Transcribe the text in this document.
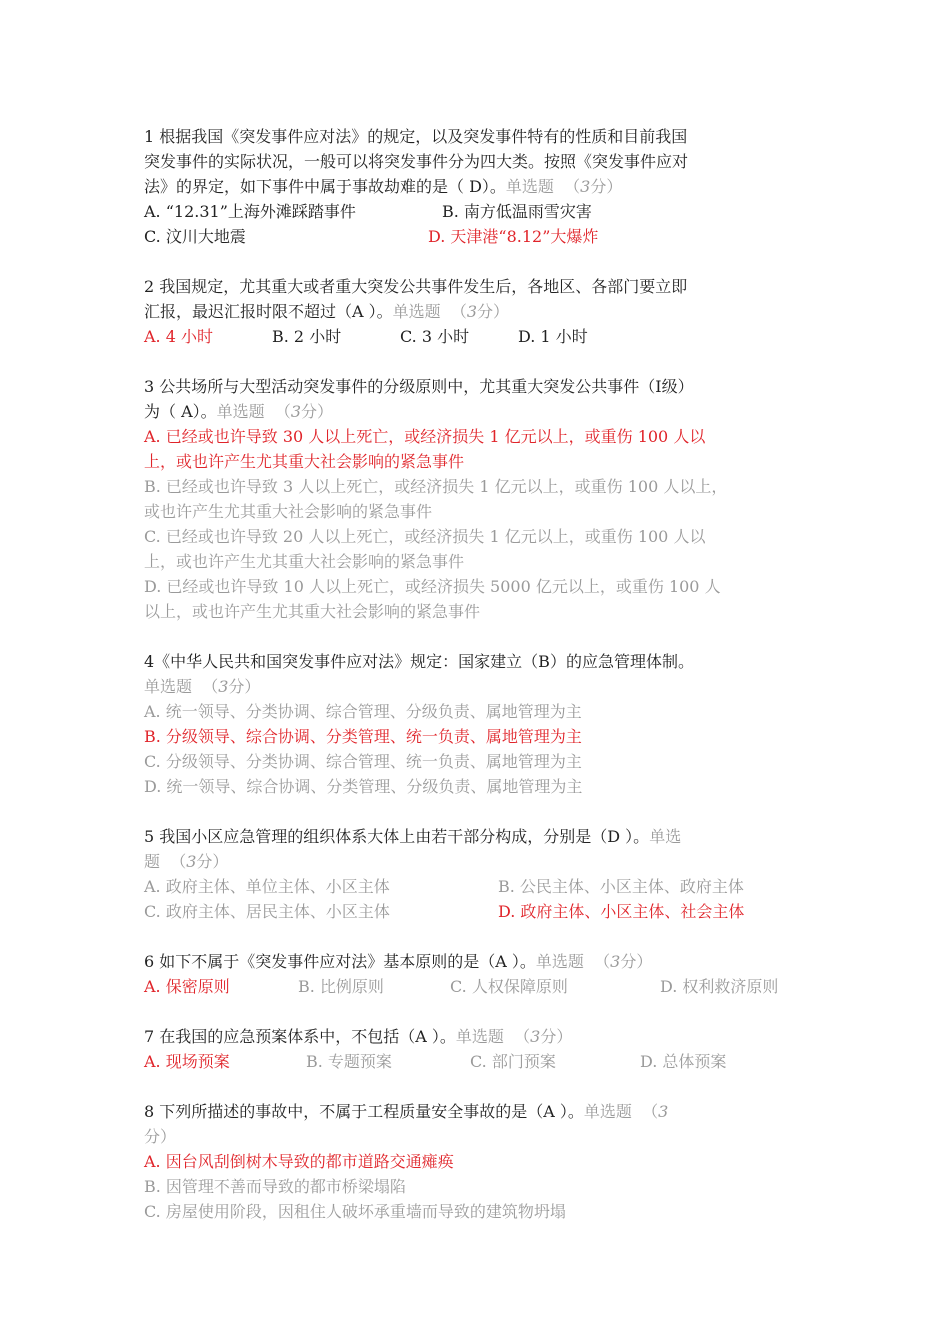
1 根据我国《突发事件应对法》的规定，以及突发事件特有的性质和目前我国
突发事件的实际状况，一般可以将突发事件分为四大类。按照《突发事件应对
法》的界定，如下事件中属于事故劫难的是（ D）。单选题 （3分）
A. “12.31”上海外滩踩踏事件	B. 南方低温雨雪灾害
C. 汶川大地震	D. 天津港“8.12”大爆炸
2 我国规定，尤其重大或者重大突发公共事件发生后，各地区、各部门要立即
汇报，最迟汇报时限不超过（A ）。单选题 （3分）
A. 4 小时	B. 2 小时	C. 3 小时	D. 1 小时
3 公共场所与大型活动突发事件的分级原则中，尤其重大突发公共事件（Ⅰ级）
为（ A）。单选题 （3分）
A. 已经或也许导致 30 人以上死亡，或经济损失 1 亿元以上，或重伤 100 人以
上，或也许产生尤其重大社会影响的紧急事件
B. 已经或也许导致 3 人以上死亡，或经济损失 1 亿元以上，或重伤 100 人以上，
或也许产生尤其重大社会影响的紧急事件
C. 已经或也许导致 20 人以上死亡，或经济损失 1 亿元以上，或重伤 100 人以
上，或也许产生尤其重大社会影响的紧急事件
D. 已经或也许导致 10 人以上死亡，或经济损失 5000 亿元以上，或重伤 100 人
以上，或也许产生尤其重大社会影响的紧急事件
4《中华人民共和国突发事件应对法》规定：国家建立（B）的应急管理体制。
单选题 （3分）
A. 统一领导、分类协调、综合管理、分级负责、属地管理为主
B. 分级领导、综合协调、分类管理、统一负责、属地管理为主
C. 分级领导、分类协调、综合管理、统一负责、属地管理为主
D. 统一领导、综合协调、分类管理、分级负责、属地管理为主
5 我国小区应急管理的组织体系大体上由若干部分构成，分别是（D ）。单选
题 （3分）
A. 政府主体、单位主体、小区主体	B. 公民主体、小区主体、政府主体
C. 政府主体、居民主体、小区主体	D. 政府主体、小区主体、社会主体
6 如下不属于《突发事件应对法》基本原则的是（A ）。单选题 （3分）
A. 保密原则	B. 比例原则	C. 人权保障原则	D. 权利救济原则
7 在我国的应急预案体系中，不包括（A ）。单选题 （3分）
A. 现场预案	B. 专题预案	C. 部门预案	D. 总体预案
8 下列所描述的事故中，不属于工程质量安全事故的是（A ）。单选题 （3
分）
A. 因台风刮倒树木导致的都市道路交通瘫痪
B. 因管理不善而导致的都市桥梁塌陷
C. 房屋使用阶段，因租住人破坏承重墙而导致的建筑物坍塌
